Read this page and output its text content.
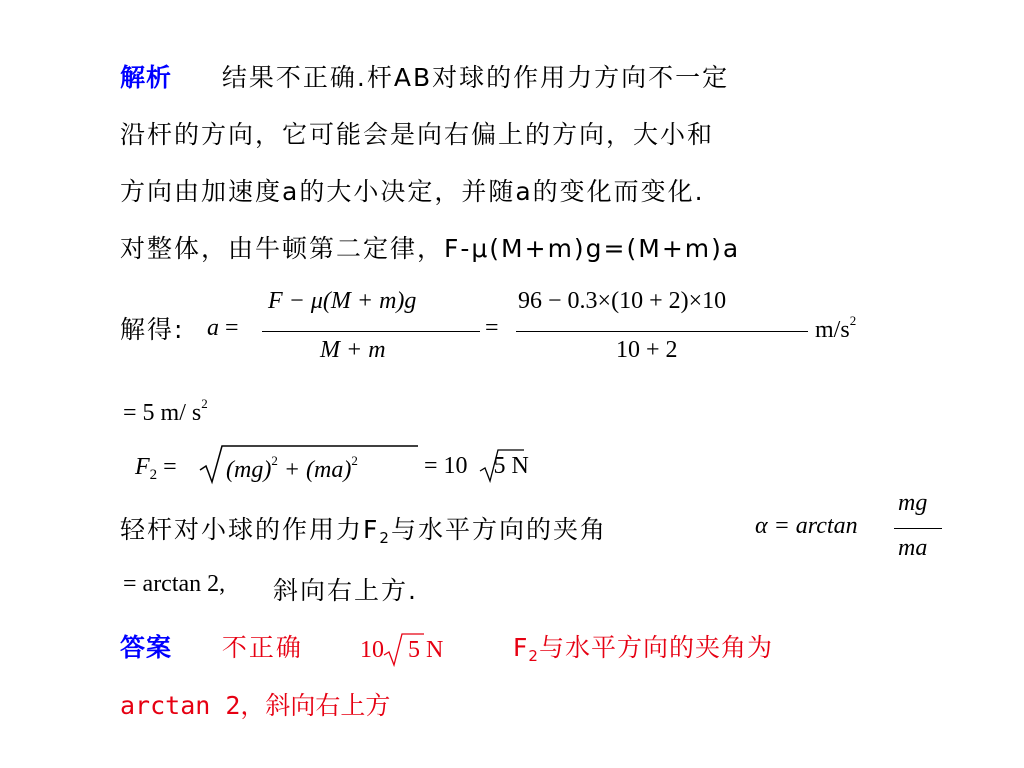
解析 结果不正确.杆AB对球的作用力方向不一定
沿杆的方向，它可能会是向右偏上的方向，大小和
方向由加速度a的大小决定，并随a的变化而变化.
对整体，由牛顿第二定律，F-μ(M+m)g=(M+m)a
解得: a =
F − μ(M + m)g
M + m
=
96 − 0.3×(10 + 2)×10
10 + 2
$m/s^2$
= 5 m/ $s^2$
$F_2 = (mg)^2 + (ma)^2$	= 10 5 N
轻杆对小球的作用力$F_2$与水平方向的夹角	α = arctan
mg
ma
= arctan 2, 斜向右上方.
答案 不正确 10 5 N	$F_2$与水平方向的夹角为
arctan 2，斜向右上方
